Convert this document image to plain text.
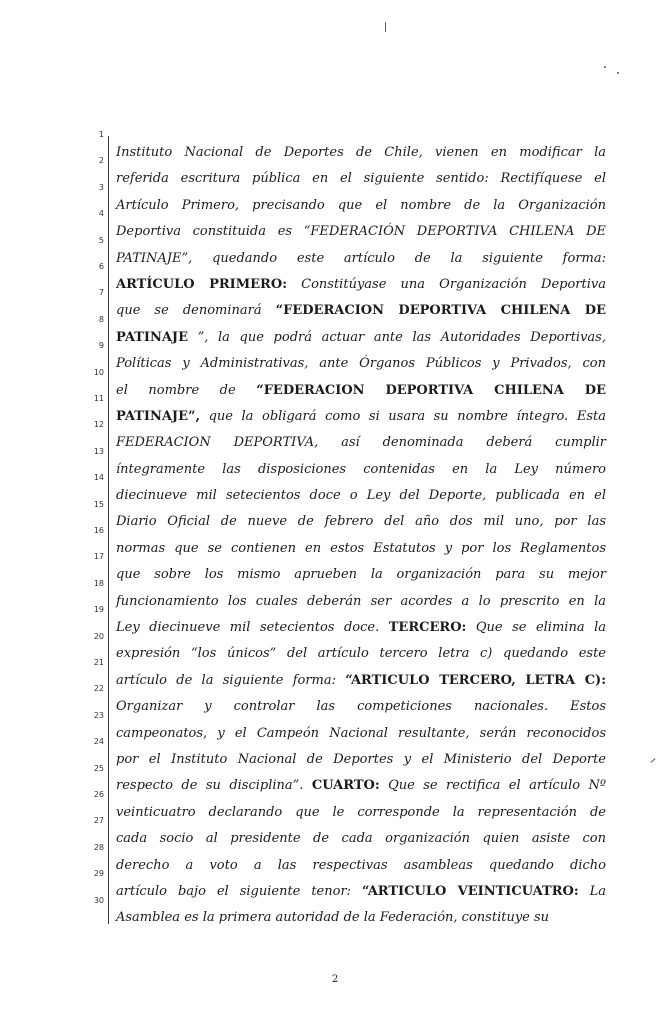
1
2
3
4
5
6
7
8
9
10
11
12
13
14
15
16
17
18
19
20
21
22
23
24
25
26
27
28
29
30
Instituto Nacional de Deportes de Chile, vienen en modificar la
referida escritura pública en el siguiente sentido: Rectifíquese el
Artículo Primero, precisando que el nombre de la Organización
Deportiva constituida es “FEDERACIÓN DEPORTIVA CHILENA DE
PATINAJE”, quedando este artículo de la siguiente forma:
ARTÍCULO PRIMERO: Constitúyase una Organización Deportiva
que se denominará “FEDERACION DEPORTIVA CHILENA DE
PATINAJE ”, la que podrá actuar ante las Autoridades Deportivas,
Políticas y Administrativas, ante Órganos Públicos y Privados, con
el nombre de “FEDERACION DEPORTIVA CHILENA DE
PATINAJE”, que la obligará como si usara su nombre íntegro. Esta
FEDERACION DEPORTIVA, así denominada deberá cumplir
íntegramente las disposiciones contenidas en la Ley número
diecinueve mil setecientos doce o Ley del Deporte, publicada en el
Diario Oficial de nueve de febrero del año dos mil uno, por las
normas que se contienen en estos Estatutos y por los Reglamentos
que sobre los mismo aprueben la organización para su mejor
funcionamiento los cuales deberán ser acordes a lo prescrito en la
Ley diecinueve mil setecientos doce. TERCERO: Que se elimina la
expresión “los únicos” del artículo tercero letra c) quedando este
artículo de la siguiente forma: “ARTICULO TERCERO, LETRA C):
Organizar y controlar las competiciones nacionales. Estos
campeonatos, y el Campeón Nacional resultante, serán reconocidos
por el Instituto Nacional de Deportes y el Ministerio del Deporte
respecto de su disciplina”. CUARTO: Que se rectifica el artículo Nº
veinticuatro declarando que le corresponde la representación de
cada socio al presidente de cada organización quien asiste con
derecho a voto a las respectivas asambleas quedando dicho
artículo bajo el siguiente tenor: “ARTICULO VEINTICUATRO: La
Asamblea es la primera autoridad de la Federación, constituye su
2
